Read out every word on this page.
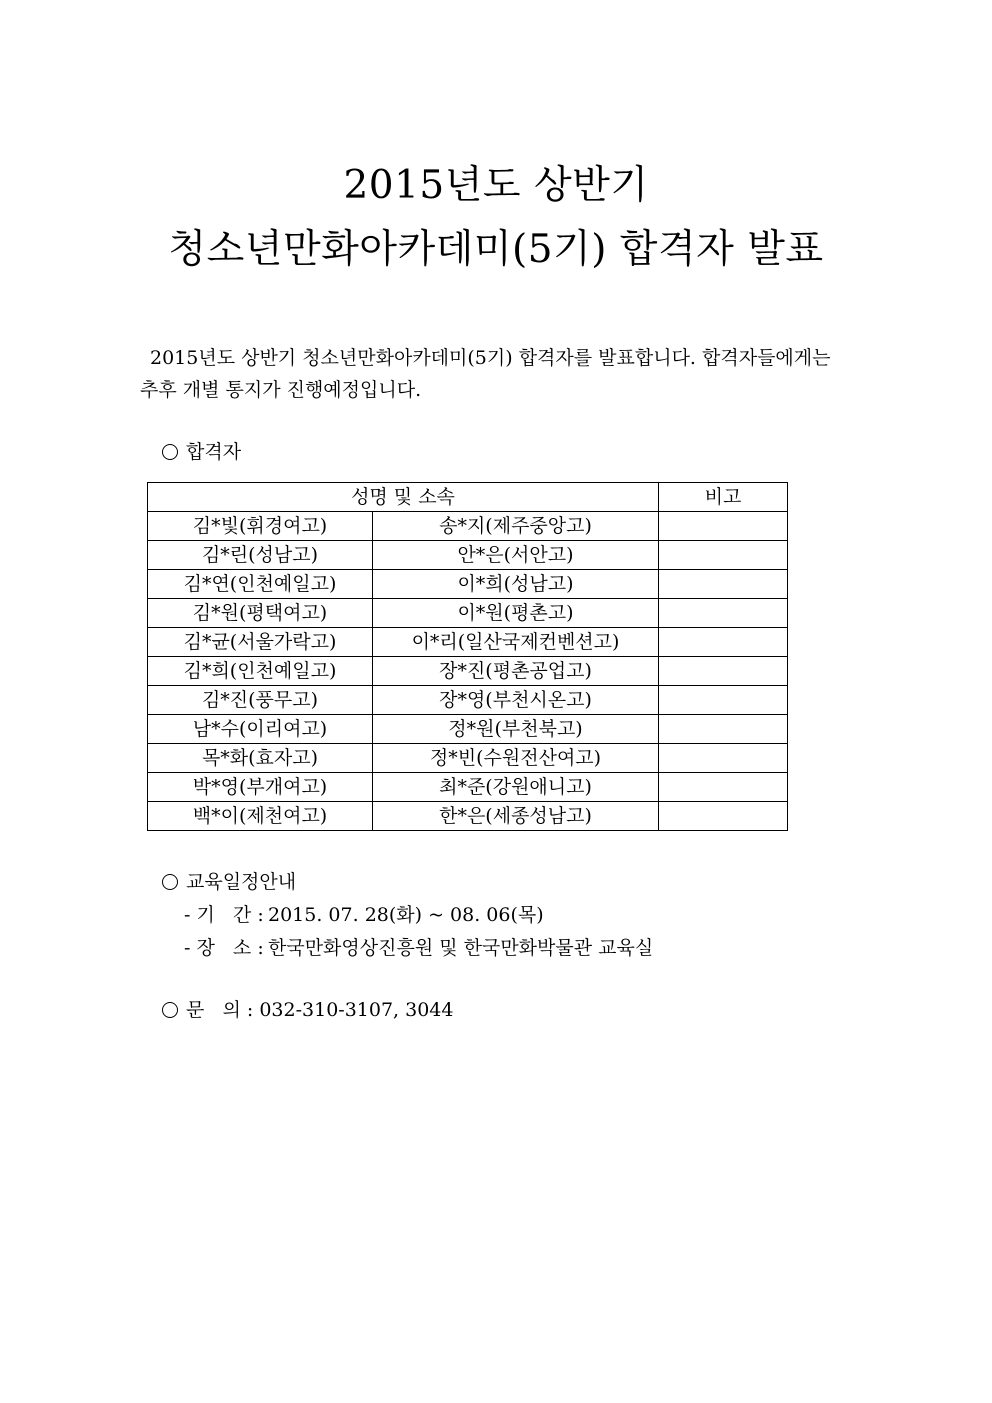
2015년도 상반기
청소년만화아카데미(5기) 합격자 발표
2015년도 상반기 청소년만화아카데미(5기) 합격자를 발표합니다. 합격자들에게는
추후 개별 통지가 진행예정입니다.
합격자
성명 및 소속		비고
김*빛(휘경여고)	송*지(제주중앙고)	
김*린(성남고)	안*은(서안고)	
김*연(인천예일고)	이*희(성남고)	
김*원(평택여고)	이*원(평촌고)	
김*균(서울가락고)	이*리(일산국제컨벤션고)	
김*희(인천예일고)	장*진(평촌공업고)	
김*진(풍무고)	장*영(부천시온고)	
남*수(이리여고)	정*원(부천북고)	
목*화(효자고)	정*빈(수원전산여고)	
박*영(부개여고)	최*준(강원애니고)	
백*이(제천여고)	한*은(세종성남고)	
교육일정안내
- 기   간 : 2015. 07. 28(화) ~ 08. 06(목)
- 장   소 : 한국만화영상진흥원 및 한국만화박물관 교육실
문   의 : 032-310-3107, 3044
